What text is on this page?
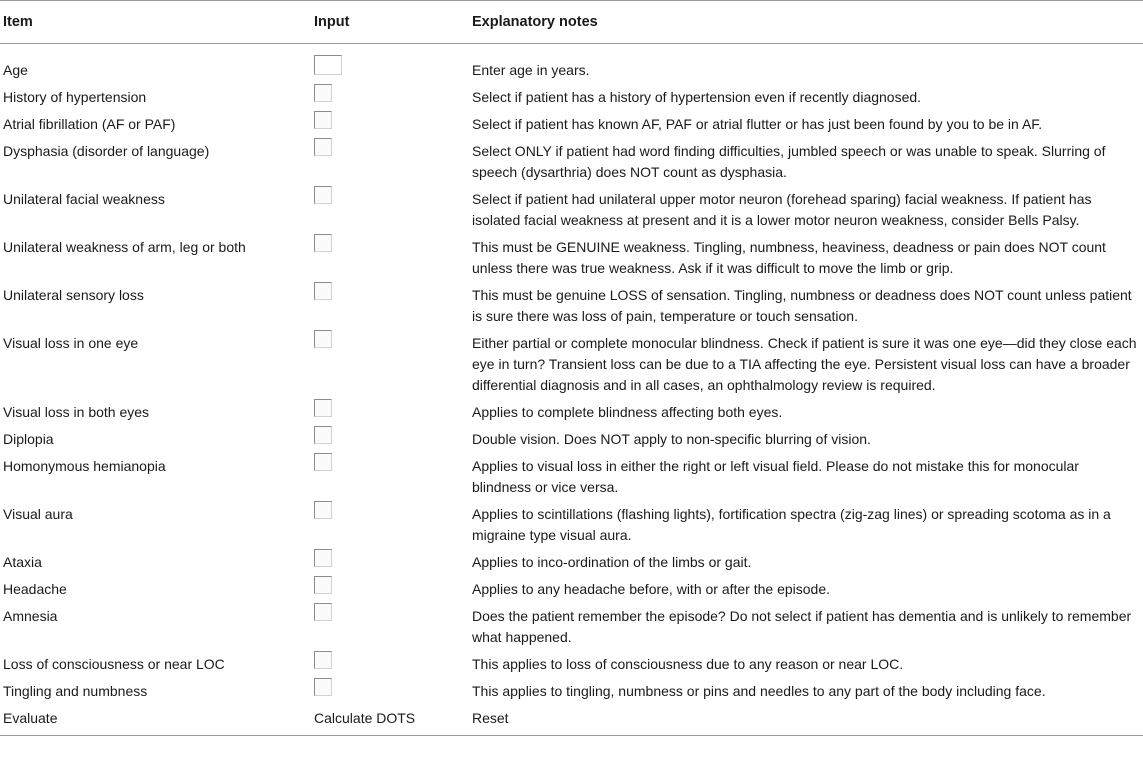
Item	Input	Explanatory notes
Age		Enter age in years.
History of hypertension		Select if patient has a history of hypertension even if recently diagnosed.
Atrial fibrillation (AF or PAF)		Select if patient has known AF, PAF or atrial flutter or has just been found by you to be in AF.
Dysphasia (disorder of language)		Select ONLY if patient had word finding difficulties, jumbled speech or was unable to speak. Slurring of speech (dysarthria) does NOT count as dysphasia.
Unilateral facial weakness		Select if patient had unilateral upper motor neuron (forehead sparing) facial weakness. If patient has isolated facial weakness at present and it is a lower motor neuron weakness, consider Bells Palsy.
Unilateral weakness of arm, leg or both		This must be GENUINE weakness. Tingling, numbness, heaviness, deadness or pain does NOT count unless there was true weakness. Ask if it was difficult to move the limb or grip.
Unilateral sensory loss		This must be genuine LOSS of sensation. Tingling, numbness or deadness does NOT count unless patient is sure there was loss of pain, temperature or touch sensation.
Visual loss in one eye		Either partial or complete monocular blindness. Check if patient is sure it was one eye—did they close each eye in turn? Transient loss can be due to a TIA affecting the eye. Persistent visual loss can have a broader differential diagnosis and in all cases, an ophthalmology review is required.
Visual loss in both eyes		Applies to complete blindness affecting both eyes.
Diplopia		Double vision. Does NOT apply to non-specific blurring of vision.
Homonymous hemianopia		Applies to visual loss in either the right or left visual field. Please do not mistake this for monocular blindness or vice versa.
Visual aura		Applies to scintillations (flashing lights), fortification spectra (zig-zag lines) or spreading scotoma as in a migraine type visual aura.
Ataxia		Applies to inco-ordination of the limbs or gait.
Headache		Applies to any headache before, with or after the episode.
Amnesia		Does the patient remember the episode? Do not select if patient has dementia and is unlikely to remember what happened.
Loss of consciousness or near LOC		This applies to loss of consciousness due to any reason or near LOC.
Tingling and numbness		This applies to tingling, numbness or pins and needles to any part of the body including face.
Evaluate	Calculate DOTS	Reset
